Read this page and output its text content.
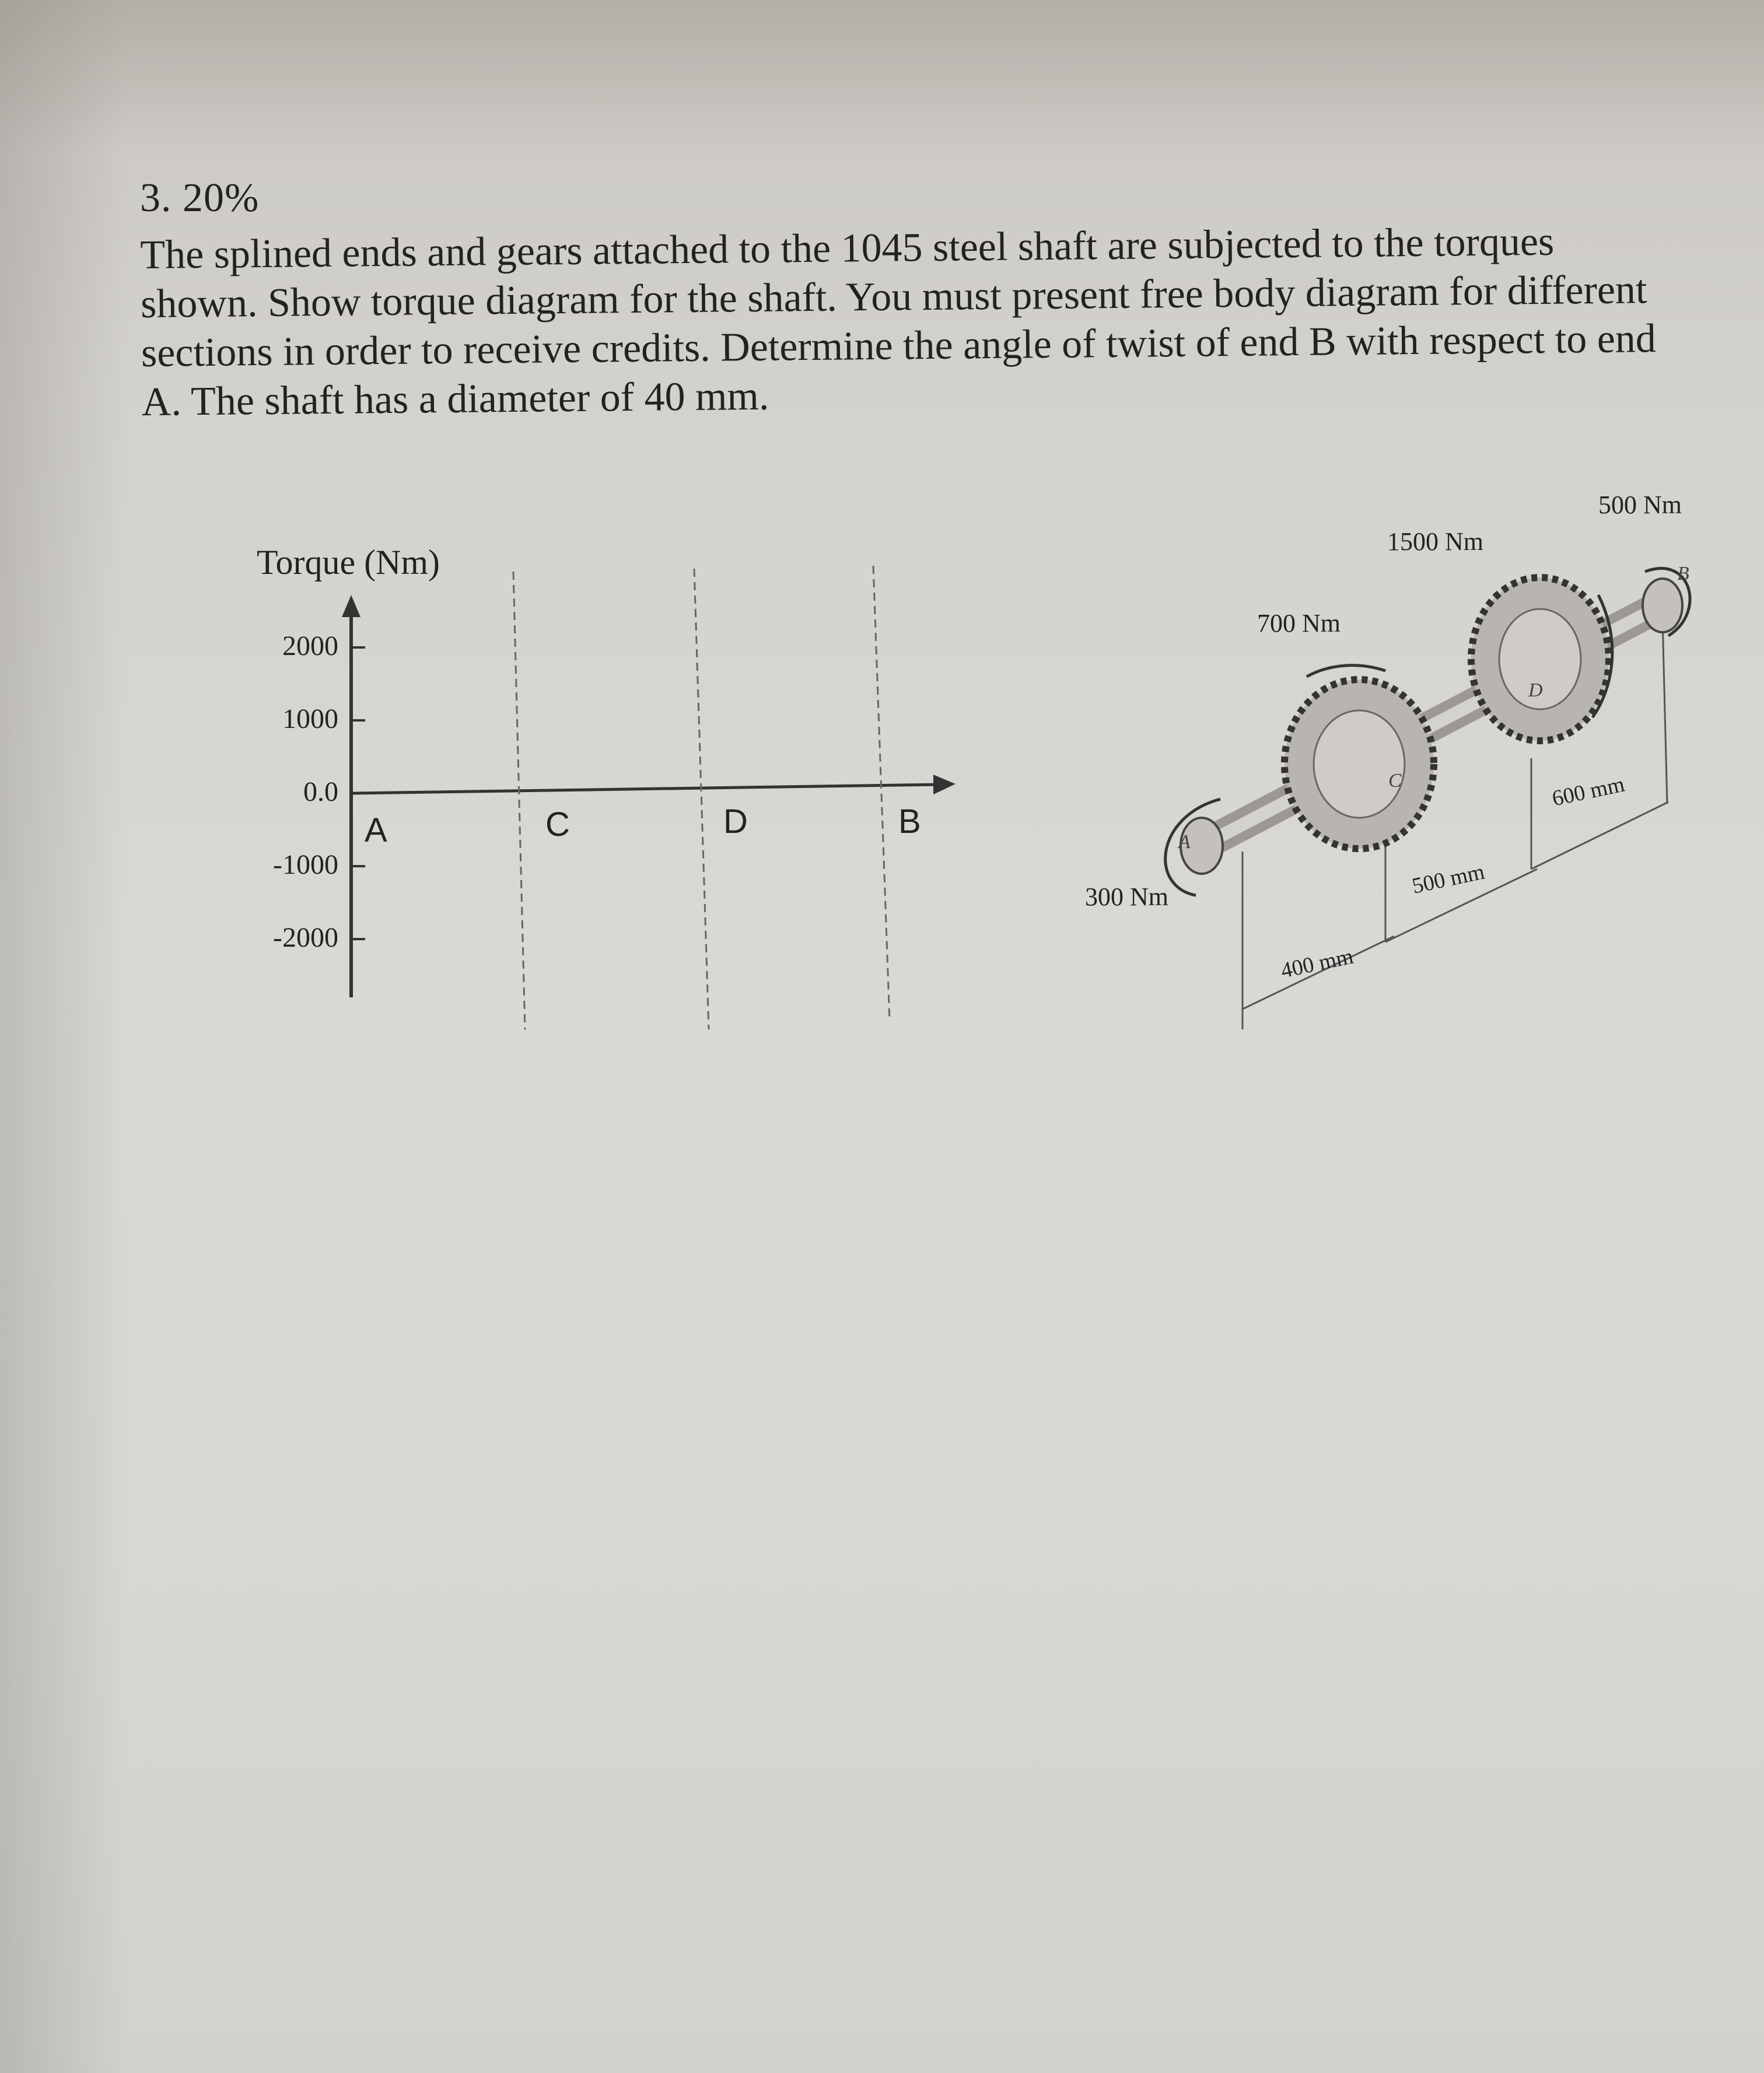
3. 20%
The splined ends and gears attached to the 1045 steel shaft are subjected to the torques shown. Show torque diagram for the shaft. You must present free body diagram for different sections in order to receive credits. Determine the angle of twist of end B with respect to end A. The shaft has a diameter of 40 mm.
Torque (Nm)
2000
1000
0.0
-1000
-2000
A	C	D	B
300 Nm
700 Nm
1500 Nm
500 Nm
400 mm
500 mm
600 mm
A
C
D
B
